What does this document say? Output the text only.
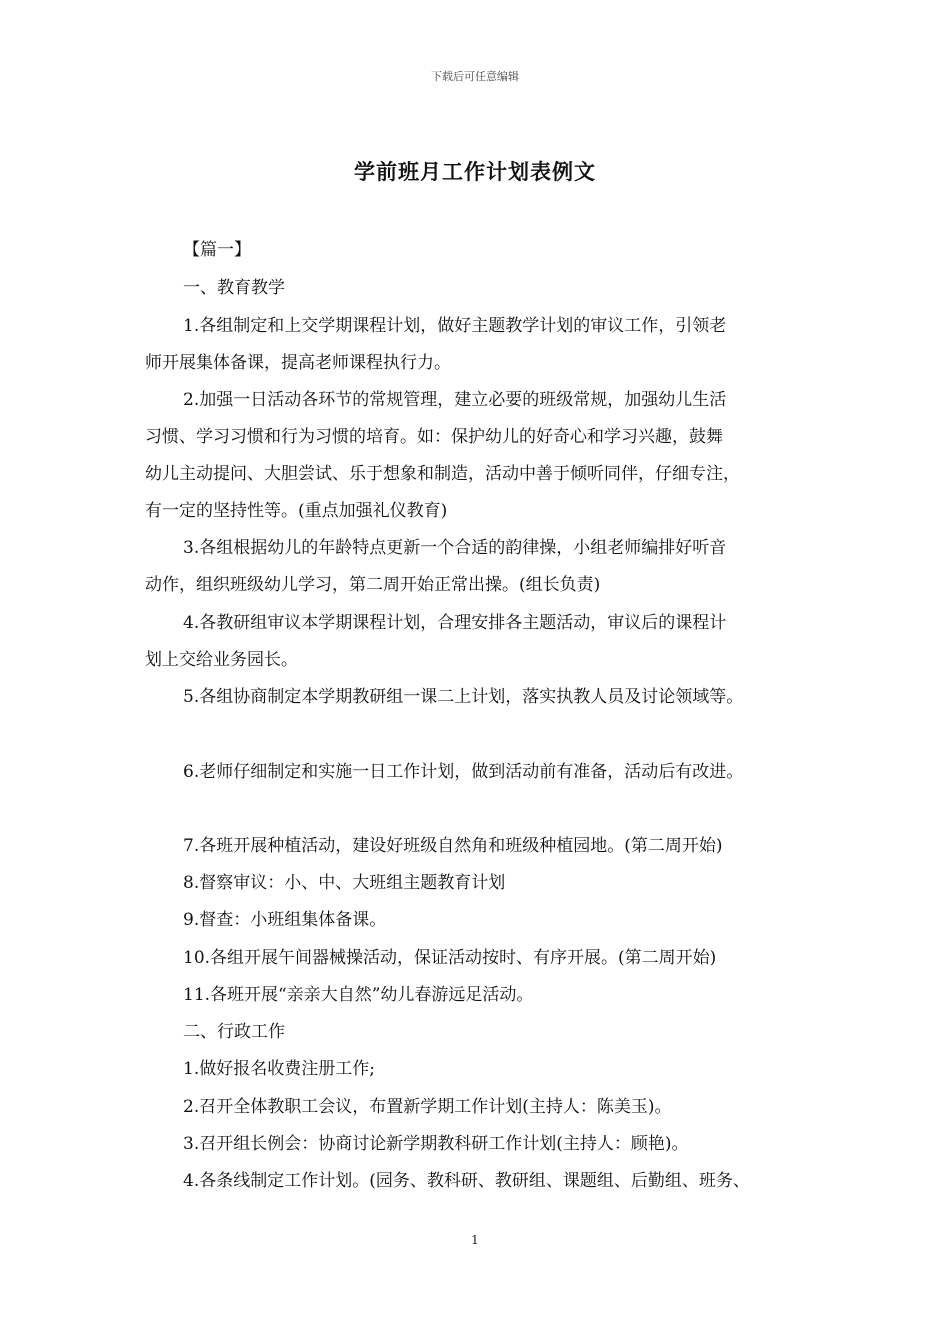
下载后可任意编辑
学前班月工作计划表例文
【篇一】
一、教育教学
1.各组制定和上交学期课程计划，做好主题教学计划的审议工作，引领老
师开展集体备课，提高老师课程执行力。
2.加强一日活动各环节的常规管理，建立必要的班级常规，加强幼儿生活
习惯、学习习惯和行为习惯的培育。如：保护幼儿的好奇心和学习兴趣，鼓舞
幼儿主动提问、大胆尝试、乐于想象和制造，活动中善于倾听同伴，仔细专注，
有一定的坚持性等。(重点加强礼仪教育)
3.各组根据幼儿的年龄特点更新一个合适的韵律操，小组老师编排好听音
动作，组织班级幼儿学习，第二周开始正常出操。(组长负责)
4.各教研组审议本学期课程计划，合理安排各主题活动，审议后的课程计
划上交给业务园长。
5.各组协商制定本学期教研组一课二上计划，落实执教人员及讨论领域等。
6.老师仔细制定和实施一日工作计划，做到活动前有准备，活动后有改进。
7.各班开展种植活动，建设好班级自然角和班级种植园地。(第二周开始)
8.督察审议：小、中、大班组主题教育计划
9.督查：小班组集体备课。
10.各组开展午间器械操活动，保证活动按时、有序开展。(第二周开始)
11.各班开展“亲亲大自然”幼儿春游远足活动。
二、行政工作
1.做好报名收费注册工作;
2.召开全体教职工会议，布置新学期工作计划(主持人：陈美玉)。
3.召开组长例会：协商讨论新学期教科研工作计划(主持人：顾艳)。
4.各条线制定工作计划。(园务、教科研、教研组、课题组、后勤组、班务、
1
